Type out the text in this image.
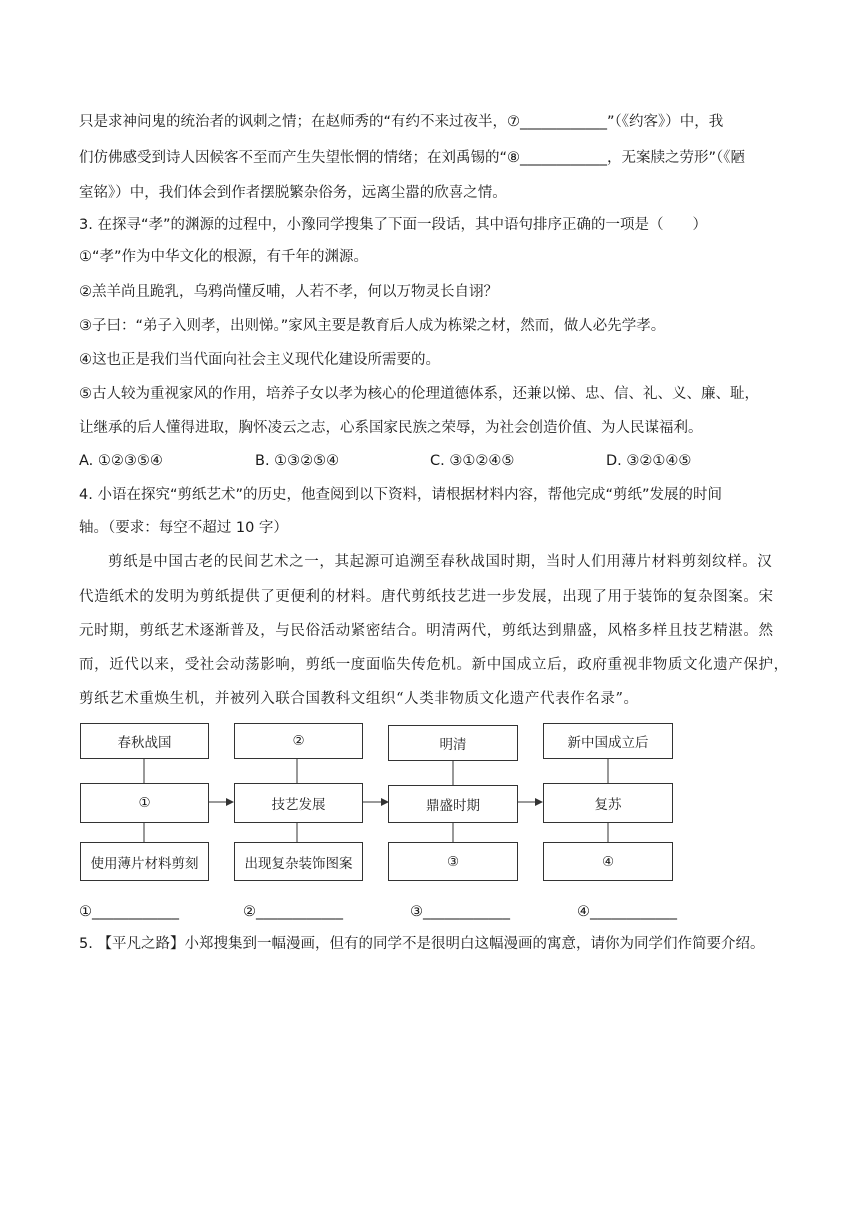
只是求神问鬼的统治者的讽刺之情；在赵师秀的“有约不来过夜半，⑦____________”（《约客》）中，我
们仿佛感受到诗人因候客不至而产生失望怅惘的情绪；在刘禹锡的“⑧____________，无案牍之劳形”（《陋
室铭》）中，我们体会到作者摆脱繁杂俗务，远离尘嚣的欣喜之情。
3. 在探寻“孝”的渊源的过程中，小豫同学搜集了下面一段话，其中语句排序正确的一项是（　　）
①“孝”作为中华文化的根源，有千年的渊源。
②羔羊尚且跪乳，乌鸦尚懂反哺，人若不孝，何以万物灵长自诩？
③子曰：“弟子入则孝，出则悌。”家风主要是教育后人成为栋梁之材，然而，做人必先学孝。
④这也正是我们当代面向社会主义现代化建设所需要的。
⑤古人较为重视家风的作用，培养子女以孝为核心的伦理道德体系，还兼以悌、忠、信、礼、义、廉、耻，
让继承的后人懂得进取，胸怀凌云之志，心系国家民族之荣辱，为社会创造价值、为人民谋福利。
A. ①②③⑤④	B. ①③②⑤④	C. ③①②④⑤	D. ③②①④⑤
4. 小语在探究“剪纸艺术”的历史，他查阅到以下资料，请根据材料内容，帮他完成“剪纸”发展的时间
轴。（要求：每空不超过 10 字）
剪纸是中国古老的民间艺术之一，其起源可追溯至春秋战国时期，当时人们用薄片材料剪刻纹样。汉
代造纸术的发明为剪纸提供了更便利的材料。唐代剪纸技艺进一步发展，出现了用于装饰的复杂图案。宋
元时期，剪纸艺术逐渐普及，与民俗活动紧密结合。明清两代，剪纸达到鼎盛，风格多样且技艺精湛。然
而，近代以来，受社会动荡影响，剪纸一度面临失传危机。新中国成立后，政府重视非物质文化遗产保护，
剪纸艺术重焕生机，并被列入联合国教科文组织“人类非物质文化遗产代表作名录”。
春秋战国	②	明清	新中国成立后
①	技艺发展	鼎盛时期	复苏
使用薄片材料剪刻	出现复杂装饰图案	③	④
①____________	②____________	③____________	④____________
5. 【平凡之路】小郑搜集到一幅漫画，但有的同学不是很明白这幅漫画的寓意，请你为同学们作简要介绍。
